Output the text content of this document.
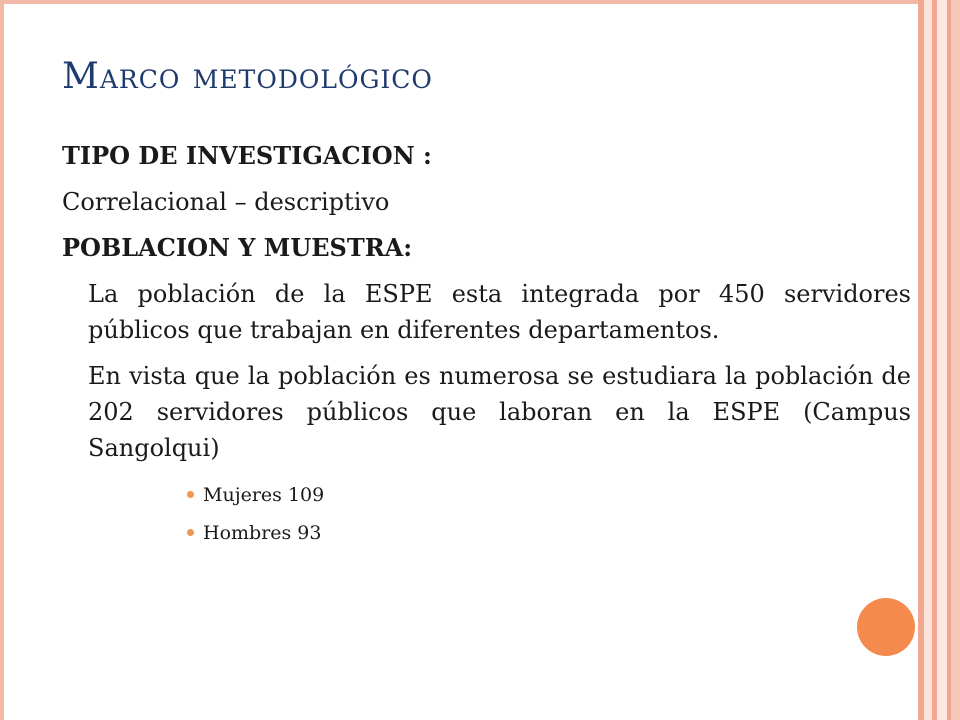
Marco metodológico

TIPO DE INVESTIGACION :

Correlacional – descriptivo

POBLACION Y MUESTRA:

La población de la ESPE esta integrada por 450 servidores públicos que trabajan en diferentes departamentos.

En vista que la población es numerosa se estudiara la población de 202 servidores públicos que laboran en la ESPE (Campus Sangolqui)

Mujeres 109
Hombres 93
